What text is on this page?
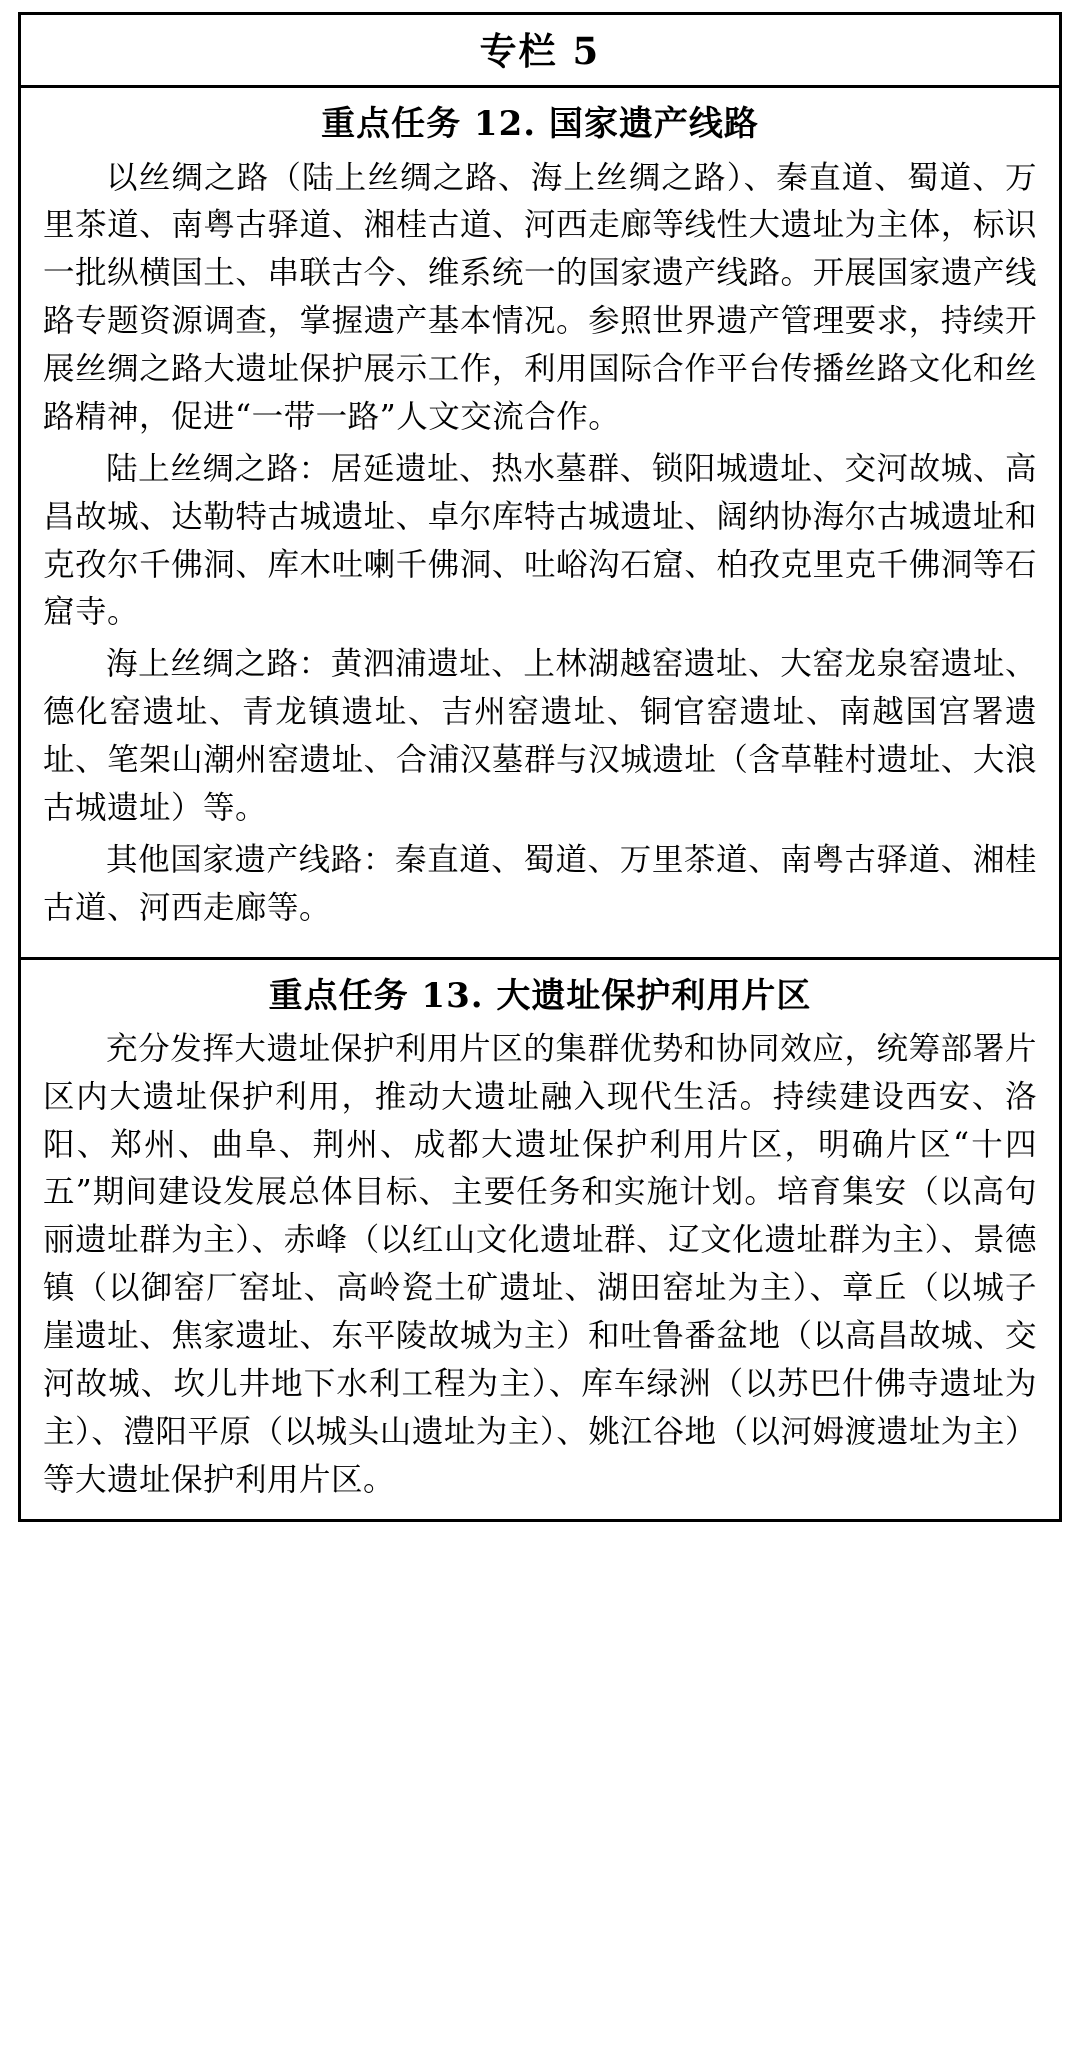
专栏 5
重点任务 12. 国家遗产线路

以丝绸之路（陆上丝绸之路、海上丝绸之路）、秦直道、蜀道、万里茶道、南粤古驿道、湘桂古道、河西走廊等线性大遗址为主体，标识一批纵横国土、串联古今、维系统一的国家遗产线路。开展国家遗产线路专题资源调查，掌握遗产基本情况。参照世界遗产管理要求，持续开展丝绸之路大遗址保护展示工作，利用国际合作平台传播丝路文化和丝路精神，促进“一带一路”人文交流合作。

陆上丝绸之路：居延遗址、热水墓群、锁阳城遗址、交河故城、高昌故城、达勒特古城遗址、卓尔库特古城遗址、阔纳协海尔古城遗址和克孜尔千佛洞、库木吐喇千佛洞、吐峪沟石窟、柏孜克里克千佛洞等石窟寺。

海上丝绸之路：黄泗浦遗址、上林湖越窑遗址、大窑龙泉窑遗址、德化窑遗址、青龙镇遗址、吉州窑遗址、铜官窑遗址、南越国宫署遗址、笔架山潮州窑遗址、合浦汉墓群与汉城遗址（含草鞋村遗址、大浪古城遗址）等。

其他国家遗产线路：秦直道、蜀道、万里茶道、南粤古驿道、湘桂古道、河西走廊等。

重点任务 13. 大遗址保护利用片区

充分发挥大遗址保护利用片区的集群优势和协同效应，统筹部署片区内大遗址保护利用，推动大遗址融入现代生活。持续建设西安、洛阳、郑州、曲阜、荆州、成都大遗址保护利用片区，明确片区“十四五”期间建设发展总体目标、主要任务和实施计划。培育集安（以高句丽遗址群为主）、赤峰（以红山文化遗址群、辽文化遗址群为主）、景德镇（以御窑厂窑址、高岭瓷土矿遗址、湖田窑址为主）、章丘（以城子崖遗址、焦家遗址、东平陵故城为主）和吐鲁番盆地（以高昌故城、交河故城、坎儿井地下水利工程为主）、库车绿洲（以苏巴什佛寺遗址为主）、澧阳平原（以城头山遗址为主）、姚江谷地（以河姆渡遗址为主）等大遗址保护利用片区。
